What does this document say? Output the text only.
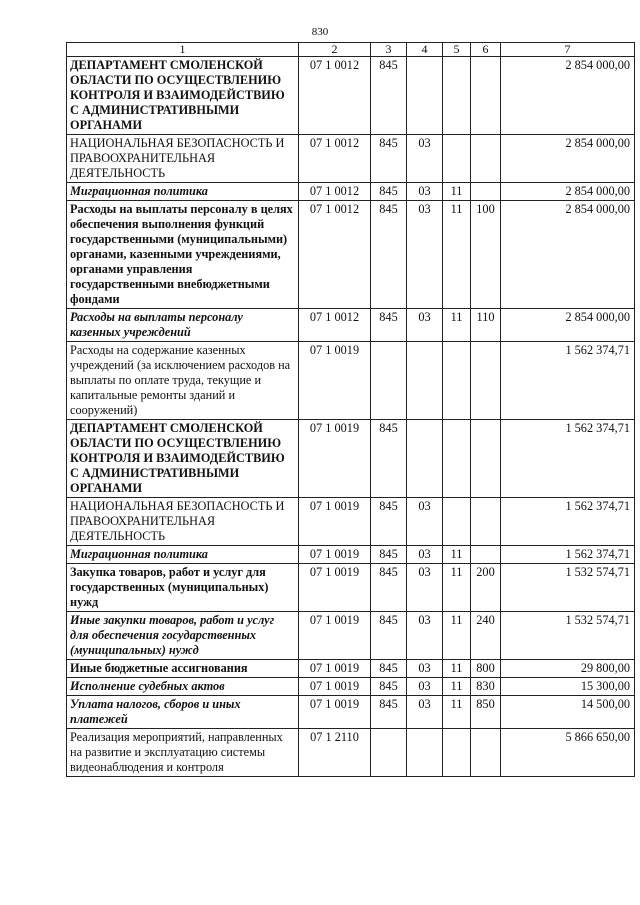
830
1	2	3	4	5	6	7
ДЕПАРТАМЕНТ СМОЛЕНСКОЙ ОБЛАСТИ ПО ОСУЩЕСТВЛЕНИЮ КОНТРОЛЯ И ВЗАИМОДЕЙСТВИЮ С АДМИНИСТРАТИВНЫМИ ОРГАНАМИ	07 1 0012	845				2 854 000,00
НАЦИОНАЛЬНАЯ БЕЗОПАСНОСТЬ И ПРАВООХРАНИТЕЛЬНАЯ ДЕЯТЕЛЬНОСТЬ	07 1 0012	845	03			2 854 000,00
Миграционная политика	07 1 0012	845	03	11		2 854 000,00
Расходы на выплаты персоналу в целях обеспечения выполнения функций государственными (муниципальными) органами, казенными учреждениями, органами управления государственными внебюджетными фондами	07 1 0012	845	03	11	100	2 854 000,00
Расходы на выплаты персоналу казенных учреждений	07 1 0012	845	03	11	110	2 854 000,00
Расходы на содержание казенных учреждений (за исключением расходов на выплаты по оплате труда, текущие и капитальные ремонты зданий и сооружений)	07 1 0019					1 562 374,71
ДЕПАРТАМЕНТ СМОЛЕНСКОЙ ОБЛАСТИ ПО ОСУЩЕСТВЛЕНИЮ КОНТРОЛЯ И ВЗАИМОДЕЙСТВИЮ С АДМИНИСТРАТИВНЫМИ ОРГАНАМИ	07 1 0019	845				1 562 374,71
НАЦИОНАЛЬНАЯ БЕЗОПАСНОСТЬ И ПРАВООХРАНИТЕЛЬНАЯ ДЕЯТЕЛЬНОСТЬ	07 1 0019	845	03			1 562 374,71
Миграционная политика	07 1 0019	845	03	11		1 562 374,71
Закупка товаров, работ и услуг для государственных (муниципальных) нужд	07 1 0019	845	03	11	200	1 532 574,71
Иные закупки товаров, работ и услуг для обеспечения государственных (муниципальных) нужд	07 1 0019	845	03	11	240	1 532 574,71
Иные бюджетные ассигнования	07 1 0019	845	03	11	800	29 800,00
Исполнение судебных актов	07 1 0019	845	03	11	830	15 300,00
Уплата налогов, сборов и иных платежей	07 1 0019	845	03	11	850	14 500,00
Реализация мероприятий, направленных на развитие и эксплуатацию системы видеонаблюдения и контроля	07 1 2110					5 866 650,00
